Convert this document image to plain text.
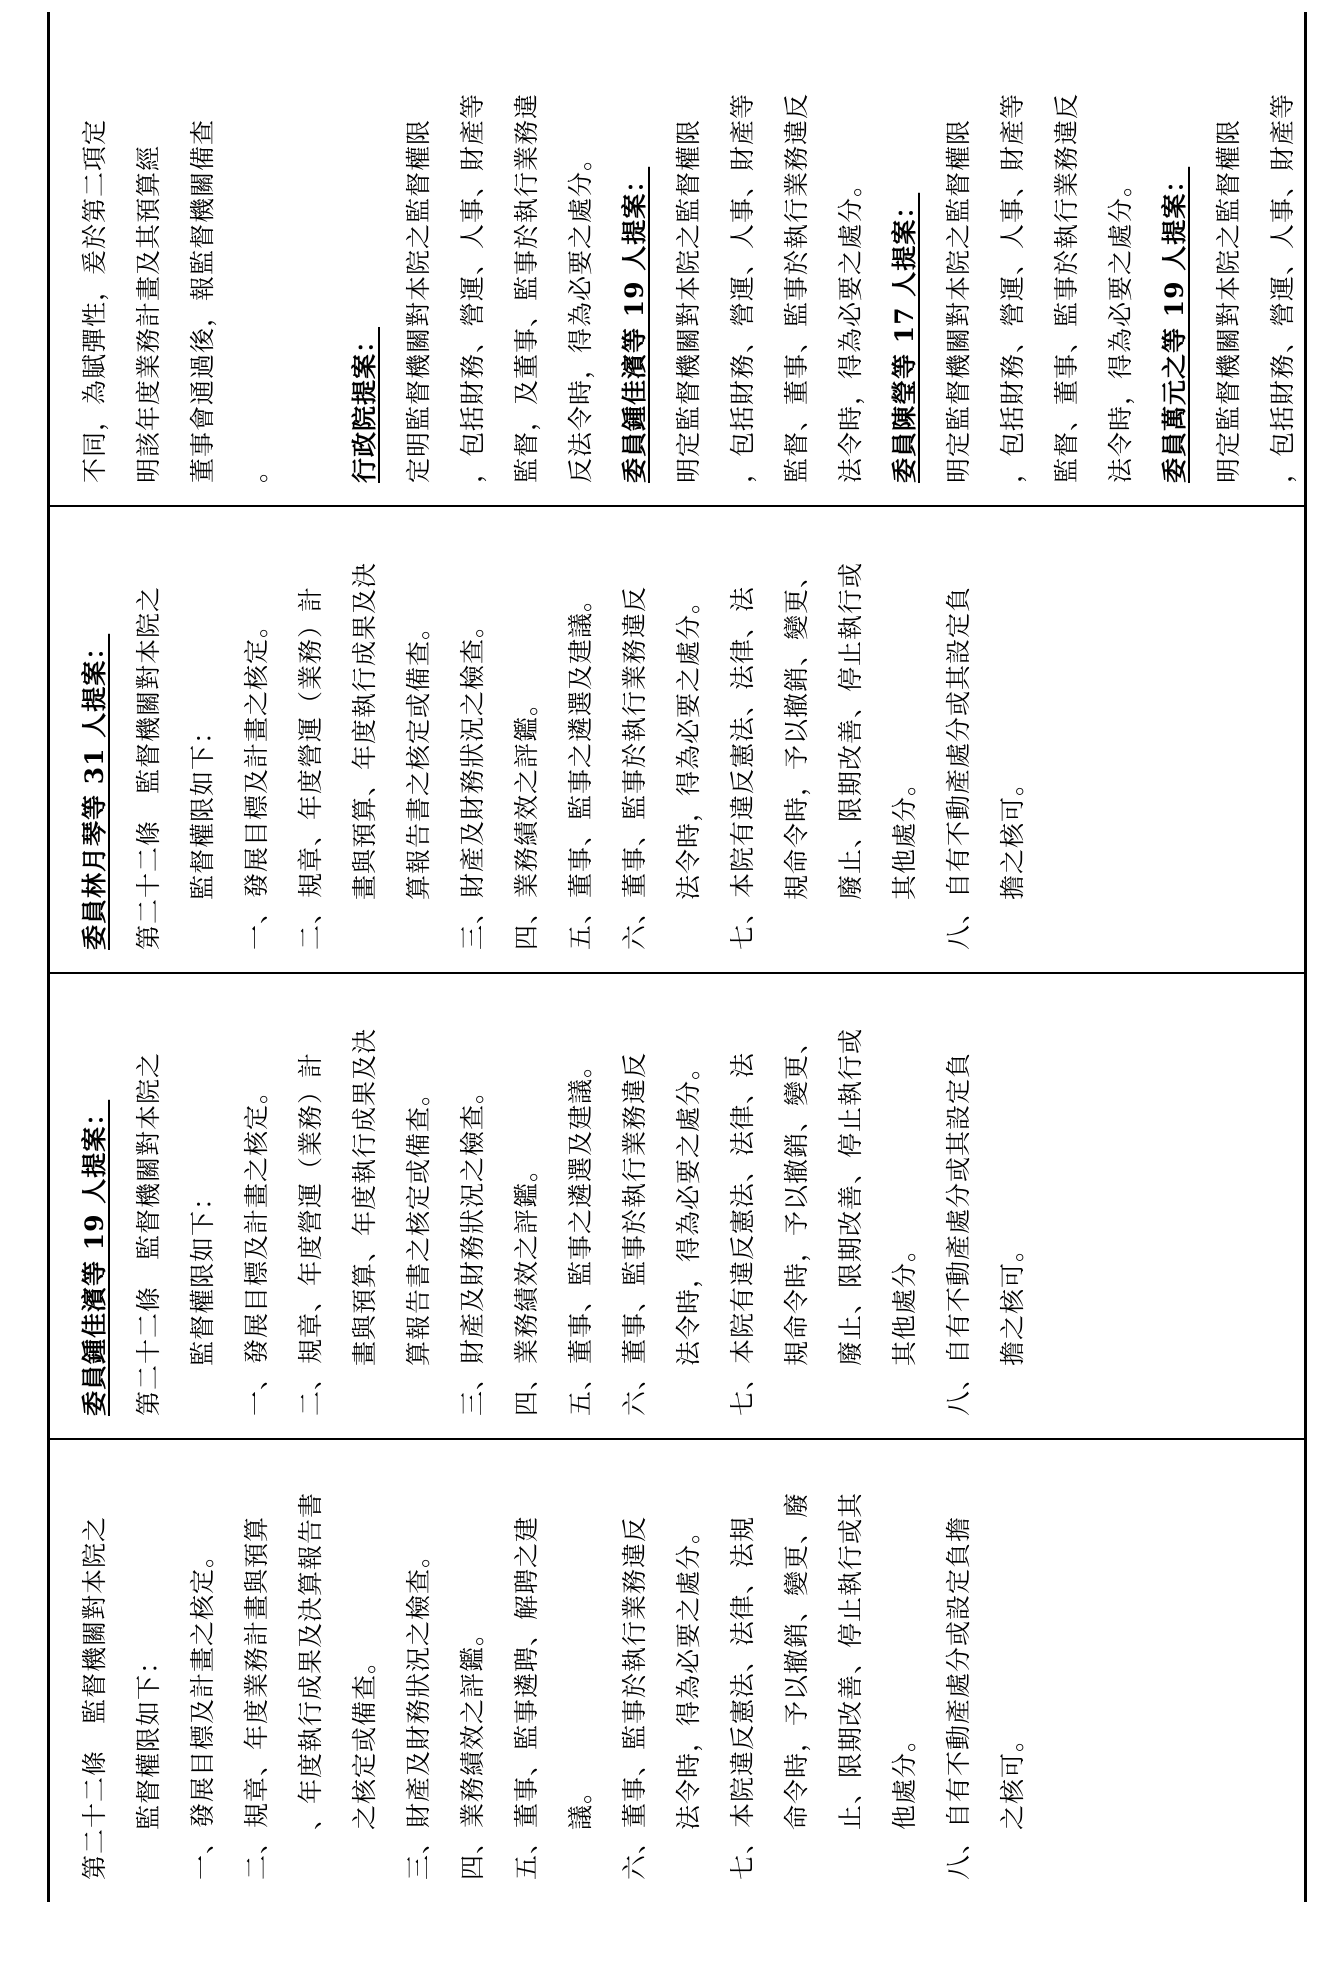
第二十二條　監督機關對本院之	監督權限如下：	一、發展目標及計畫之核定。	二、規章、年度業務計畫與預算	、年度執行成果及決算報告書	之核定或備查。	三、財產及財務狀況之檢查。	四、業務績效之評鑑。	五、董事、監事遴聘、解聘之建	議。	六、董事、監事於執行業務違反	法令時，得為必要之處分。	七、本院違反憲法、法律、法規	命令時，予以撤銷、變更、廢	止、限期改善、停止執行或其	他處分。	八、自有不動產處分或設定負擔	之核可。
委員鍾佳濱等 19 人提案：	第二十二條　監督機關對本院之	監督權限如下：	一、發展目標及計畫之核定。	二、規章、年度營運（業務）計	畫與預算、年度執行成果及決	算報告書之核定或備查。	三、財產及財務狀況之檢查。	四、業務績效之評鑑。	五、董事、監事之遴選及建議。	六、董事、監事於執行業務違反	法令時，得為必要之處分。	七、本院有違反憲法、法律、法	規命令時，予以撤銷、變更、	廢止、限期改善、停止執行或	其他處分。	八、自有不動產處分或其設定負	擔之核可。
委員林月琴等 31 人提案：	第二十二條　監督機關對本院之	監督權限如下：	一、發展目標及計畫之核定。	二、規章、年度營運（業務）計	畫與預算、年度執行成果及決	算報告書之核定或備查。	三、財產及財務狀況之檢查。	四、業務績效之評鑑。	五、董事、監事之遴選及建議。	六、董事、監事於執行業務違反	法令時，得為必要之處分。	七、本院有違反憲法、法律、法	規命令時，予以撤銷、變更、	廢止、限期改善、停止執行或	其他處分。	八、自有不動產處分或其設定負	擔之核可。
不同，為賦彈性，爰於第二項定	明該年度業務計畫及其預算經	董事會通過後，報監督機關備查	。	行政院提案：	定明監督機關對本院之監督權限	，包括財務、營運、人事、財產等	監督，及董事、監事於執行業務違	反法令時，得為必要之處分。	委員鍾佳濱等 19 人提案：	明定監督機關對本院之監督權限	，包括財務、營運、人事、財產等	監督、董事、監事於執行業務違反	法令時，得為必要之處分。	委員陳瑩等 17 人提案：	明定監督機關對本院之監督權限	，包括財務、營運、人事、財產等	監督、董事、監事於執行業務違反	法令時，得為必要之處分。	委員萬元之等 19 人提案：	明定監督機關對本院之監督權限	，包括財務、營運、人事、財產等
